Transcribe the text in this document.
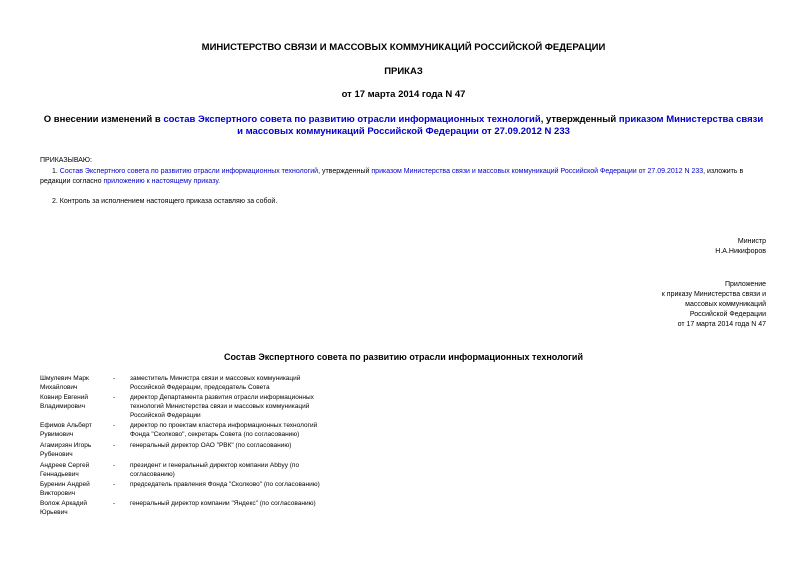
МИНИСТЕРСТВО СВЯЗИ И МАССОВЫХ КОММУНИКАЦИЙ РОССИЙСКОЙ ФЕДЕРАЦИИ
ПРИКАЗ
от 17 марта 2014 года N 47
О внесении изменений в состав Экспертного совета по развитию отрасли информационных технологий, утвержденный приказом Министерства связи и массовых коммуникаций Российской Федерации от 27.09.2012 N 233
ПРИКАЗЫВАЮ:
1. Состав Экспертного совета по развитию отрасли информационных технологий, утвержденный приказом Министерства связи и массовых коммуникаций Российской Федерации от 27.09.2012 N 233, изложить в редакции согласно приложению к настоящему приказу.
2. Контроль за исполнением настоящего приказа оставляю за собой.
Министр
Н.А.Никифоров
Приложение
к приказу Министерства связи и
массовых коммуникаций
Российской Федерации
от 17 марта 2014 года N 47
Состав Экспертного совета по развитию отрасли информационных технологий
Шмулевич Марк Михайлович
- заместитель Министра связи и массовых коммуникаций Российской Федерации, председатель Совета
Ковнир Евгений Владимирович
- директор Департамента развития отрасли информационных технологий Министерства связи и массовых коммуникаций Российской Федерации
Ефимов Альберт Рувимович
- директор по проектам кластера информационных технологий Фонда "Сколково", секретарь Совета (по согласованию)
Агамирзян Игорь Рубенович
- генеральный директор ОАО "РВК" (по согласованию)
Андреев Сергей Геннадьевич
- президент и генеральный директор компании Abbyy (по согласованию)
Буренин Андрей Викторович
- председатель правления Фонда "Сколково" (по согласованию)
Волож Аркадий Юрьевич
- генеральный директор компании "Яндекс" (по согласованию)
